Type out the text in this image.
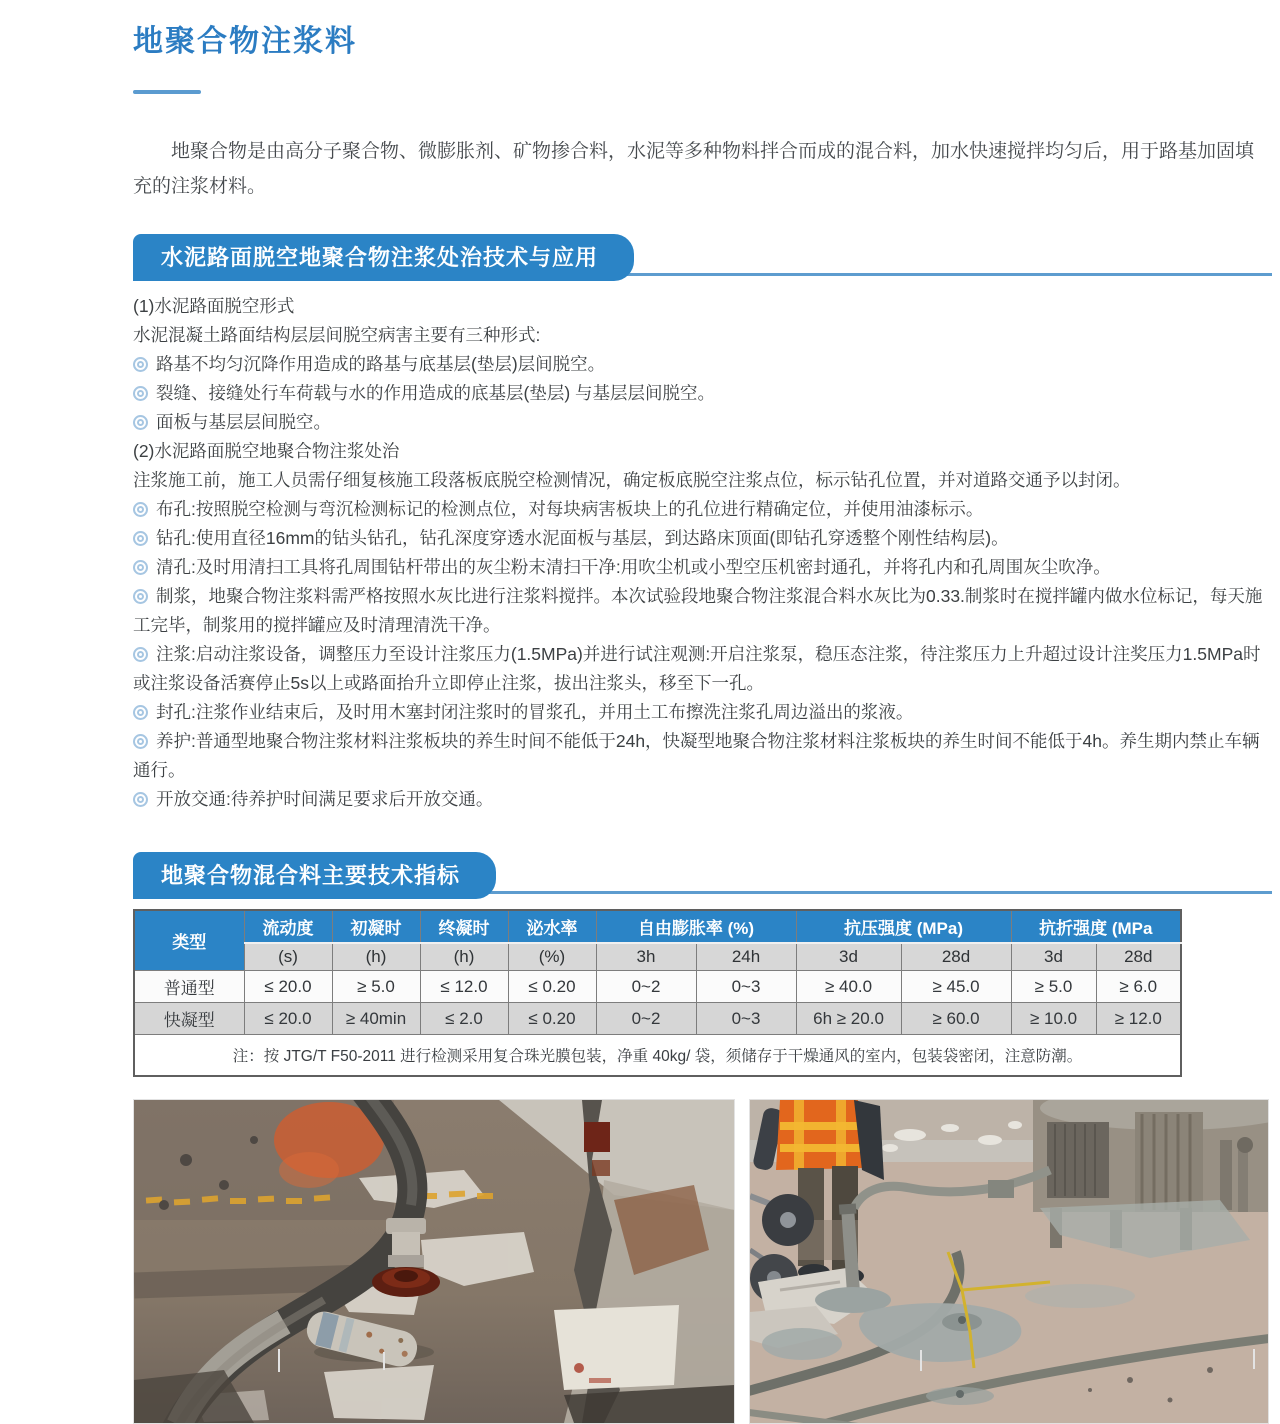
地聚合物注浆料
地聚合物是由高分子聚合物、微膨胀剂、矿物掺合料，水泥等多种物料拌合而成的混合料，加水快速搅拌均匀后，用于路基加固填充的注浆材料。
水泥路面脱空地聚合物注浆处治技术与应用
(1)水泥路面脱空形式
水泥混凝土路面结构层层间脱空病害主要有三种形式:
路基不均匀沉降作用造成的路基与底基层(垫层)层间脱空。
裂缝、接缝处行车荷载与水的作用造成的底基层(垫层) 与基层层间脱空。
面板与基层层间脱空。
(2)水泥路面脱空地聚合物注浆处治
注浆施工前，施工人员需仔细复核施工段落板底脱空检测情况，确定板底脱空注浆点位，标示钻孔位置，并对道路交通予以封闭。
布孔:按照脱空检测与弯沉检测标记的检测点位，对每块病害板块上的孔位进行精确定位，并使用油漆标示。
钻孔:使用直径16mm的钻头钻孔，钻孔深度穿透水泥面板与基层，到达路床顶面(即钻孔穿透整个刚性结构层)。
清孔:及时用清扫工具将孔周围钻杆带出的灰尘粉末清扫干净:用吹尘机或小型空压机密封通孔，并将孔内和孔周围灰尘吹净。
制浆，地聚合物注浆料需严格按照水灰比进行注浆料搅拌。本次试验段地聚合物注浆混合料水灰比为0.33.制浆时在搅拌罐内做水位标记，每天施工完毕，制浆用的搅拌罐应及时清理清洗干净。
注浆:启动注浆设备，调整压力至设计注浆压力(1.5MPa)并进行试注观测:开启注浆泵，稳压态注浆，待注浆压力上升超过设计注奖压力1.5MPa时或注浆设备活赛停止5s以上或路面抬升立即停止注浆，拔出注浆头，移至下一孔。
封孔:注浆作业结束后，及时用木塞封闭注浆时的冒浆孔，并用土工布擦洗注浆孔周边溢出的浆液。
养护:普通型地聚合物注浆材料注浆板块的养生时间不能低于24h，快凝型地聚合物注浆材料注浆板块的养生时间不能低于4h。养生期内禁止车辆通行。
开放交通:待养护时间满足要求后开放交通。
地聚合物混合料主要技术指标
类型	流动度	初凝时	终凝时	泌水率	自由膨胀率 (%)		抗压强度 (MPa)		抗折强度 (MPa	
	(s)	(h)	(h)	(%)	3h	24h	3d	28d	3d	28d
普通型	≤ 20.0	≥ 5.0	≤ 12.0	≤ 0.20	0~2	0~3	≥ 40.0	≥ 45.0	≥ 5.0	≥ 6.0
快凝型	≤ 20.0	≥ 40min	≤ 2.0	≤ 0.20	0~2	0~3	6h ≥ 20.0	≥ 60.0	≥ 10.0	≥ 12.0
注：按 JTG/T F50-2011 进行检测采用复合珠光膜包装，净重 40kg/ 袋，须储存于干燥通风的室内，包装袋密闭，注意防潮。										
